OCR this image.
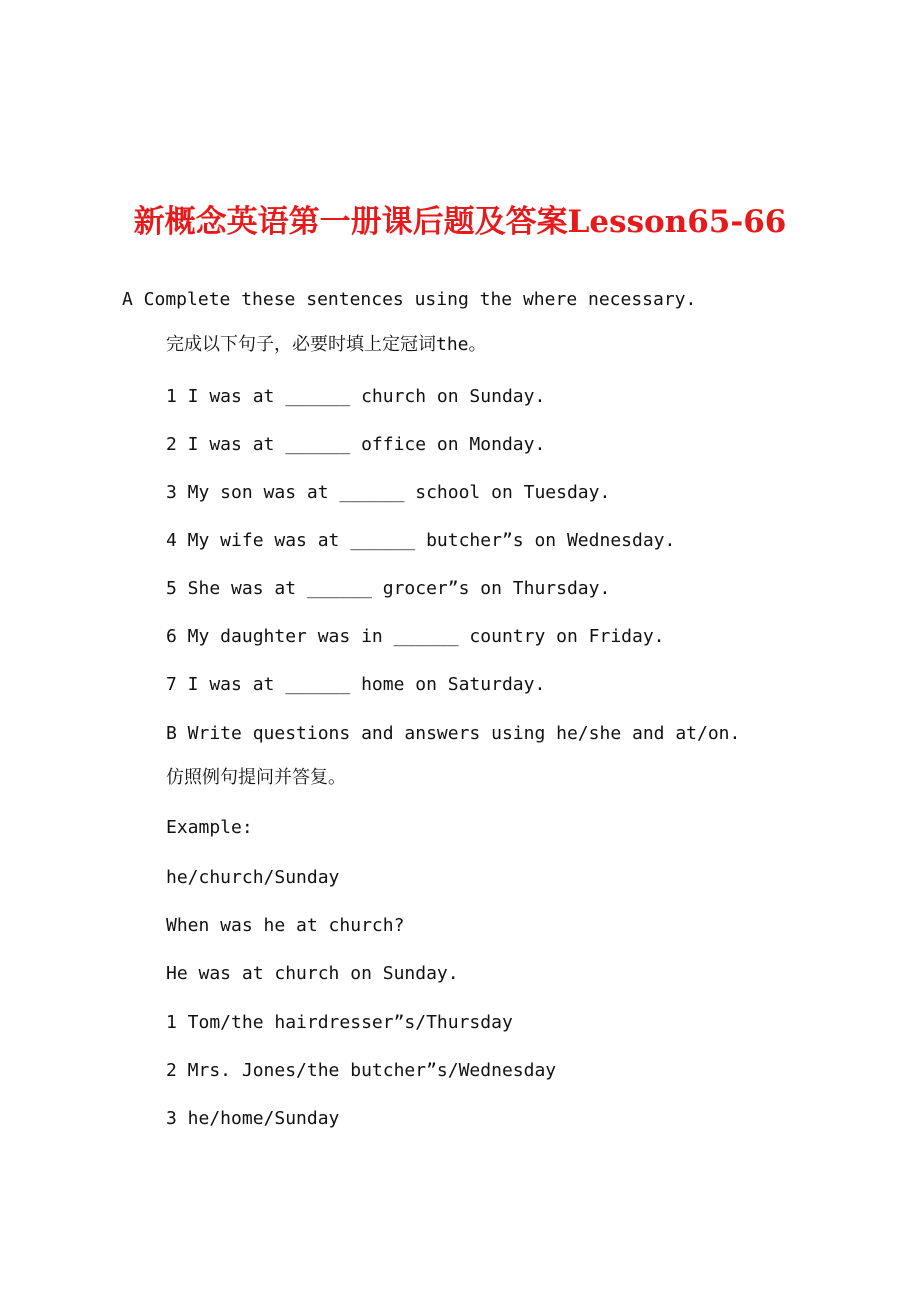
新概念英语第一册课后题及答案Lesson65-66

A Complete these sentences using the where necessary.

完成以下句子，必要时填上定冠词the。

1 I was at ______ church on Sunday.

2 I was at ______ office on Monday.

3 My son was at ______ school on Tuesday.

4 My wife was at ______ butcher”s on Wednesday.

5 She was at ______ grocer”s on Thursday.

6 My daughter was in ______ country on Friday.

7 I was at ______ home on Saturday.

B Write questions and answers using he/she and at/on.

仿照例句提问并答复。

Example:

he/church/Sunday

When was he at church?

He was at church on Sunday.

1 Tom/the hairdresser”s/Thursday

2 Mrs. Jones/the butcher”s/Wednesday

3 he/home/Sunday
